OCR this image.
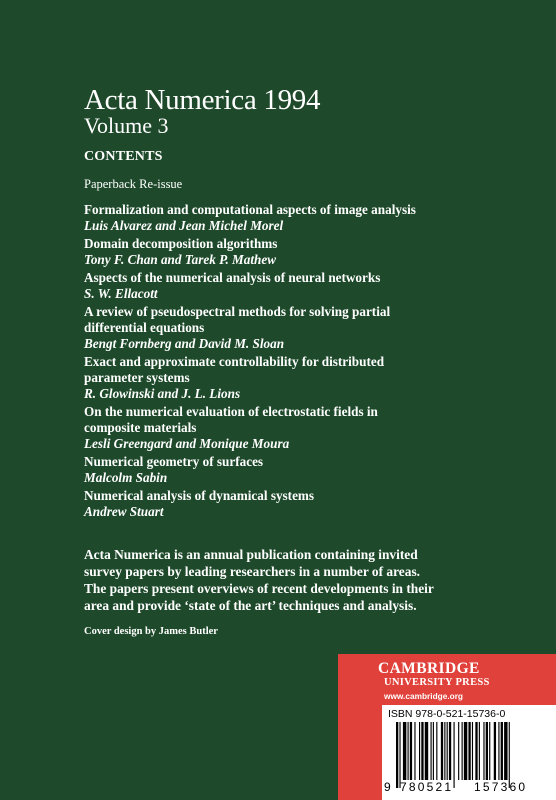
Acta Numerica 1994
Volume 3
CONTENTS
Paperback Re-issue
Formalization and computational aspects of image analysis
Luis Alvarez and Jean Michel Morel
Domain decomposition algorithms
Tony F. Chan and Tarek P. Mathew
Aspects of the numerical analysis of neural networks
S. W. Ellacott
A review of pseudospectral methods for solving partial
differential equations
Bengt Fornberg and David M. Sloan
Exact and approximate controllability for distributed
parameter systems
R. Glowinski and J. L. Lions
On the numerical evaluation of electrostatic fields in
composite materials
Lesli Greengard and Monique Moura
Numerical geometry of surfaces
Malcolm Sabin
Numerical analysis of dynamical systems
Andrew Stuart
Acta Numerica is an annual publication containing invited
survey papers by leading researchers in a number of areas.
The papers present overviews of recent developments in their
area and provide ‘state of the art’ techniques and analysis.
Cover design by James Butler
CAMBRIDGE
UNIVERSITY PRESS
www.cambridge.org
ISBN 978-0-521-15736-0
9 780521 157360
